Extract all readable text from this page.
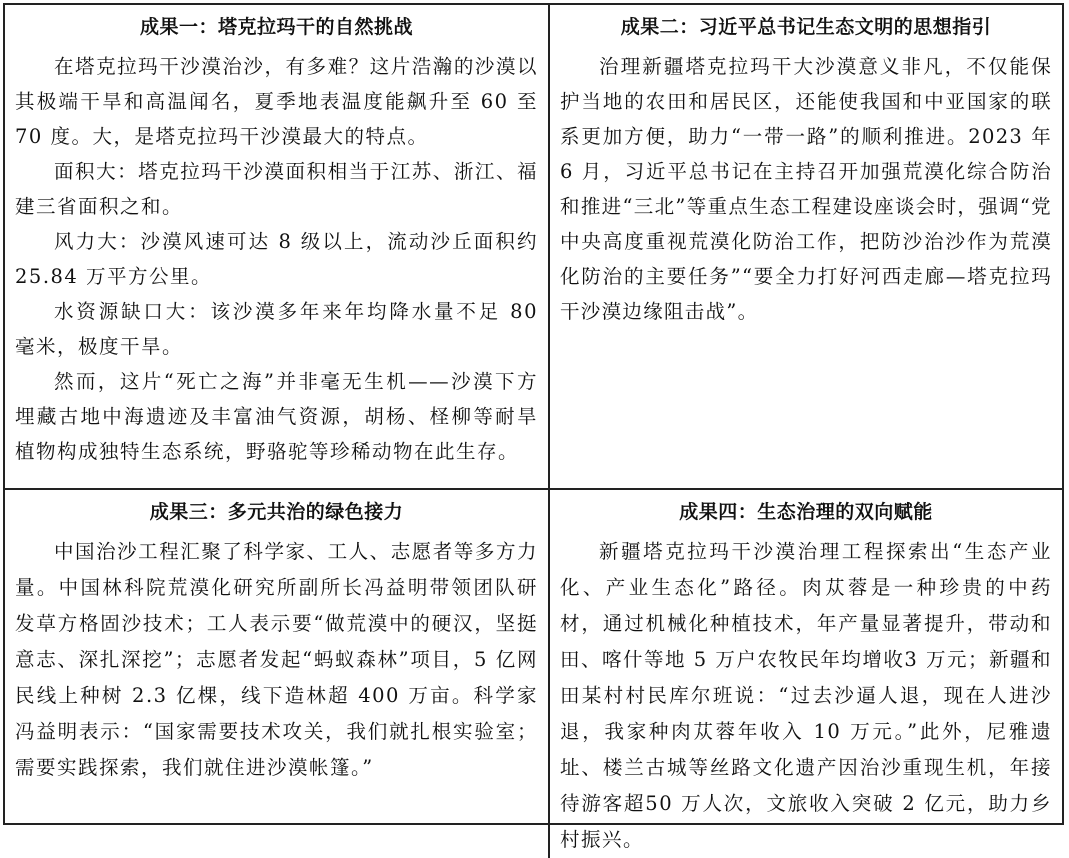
成果一：塔克拉玛干的自然挑战

在塔克拉玛干沙漠治沙，有多难？这片浩瀚的沙漠以其极端干旱和高温闻名，夏季地表温度能飙升至 60 至 70 度。大，是塔克拉玛干沙漠最大的特点。

面积大：塔克拉玛干沙漠面积相当于江苏、浙江、福建三省面积之和。

风力大：沙漠风速可达 8 级以上，流动沙丘面积约 25.84 万平方公里。

水资源缺口大：该沙漠多年来年均降水量不足 80 毫米，极度干旱。

然而，这片“死亡之海”并非毫无生机——沙漠下方埋藏古地中海遗迹及丰富油气资源，胡杨、柽柳等耐旱植物构成独特生态系统，野骆驼等珍稀动物在此生存。

成果二：习近平总书记生态文明的思想指引

治理新疆塔克拉玛干大沙漠意义非凡，不仅能保护当地的农田和居民区，还能使我国和中亚国家的联系更加方便，助力“一带一路”的顺利推进。2023 年 6 月，习近平总书记在主持召开加强荒漠化综合防治和推进“三北”等重点生态工程建设座谈会时，强调“党中央高度重视荒漠化防治工作，把防沙治沙作为荒漠化防治的主要任务”“要全力打好河西走廊—塔克拉玛干沙漠边缘阻击战”。

成果三：多元共治的绿色接力

中国治沙工程汇聚了科学家、工人、志愿者等多方力量。中国林科院荒漠化研究所副所长冯益明带领团队研发草方格固沙技术；工人表示要“做荒漠中的硬汉，坚挺意志、深扎深挖”；志愿者发起“蚂蚁森林”项目，5 亿网民线上种树 2.3 亿棵，线下造林超 400 万亩。科学家冯益明表示：“国家需要技术攻关，我们就扎根实验室；需要实践探索，我们就住进沙漠帐篷。”

成果四：生态治理的双向赋能

新疆塔克拉玛干沙漠治理工程探索出“生态产业化、产业生态化”路径。肉苁蓉是一种珍贵的中药材，通过机械化种植技术，年产量显著提升，带动和田、喀什等地 5 万户农牧民年均增收3 万元；新疆和田某村村民库尔班说：“过去沙逼人退，现在人进沙退，我家种肉苁蓉年收入 10 万元。”此外，尼雅遗址、楼兰古城等丝路文化遗产因治沙重现生机，年接待游客超50 万人次，文旅收入突破 2 亿元，助力乡村振兴。
